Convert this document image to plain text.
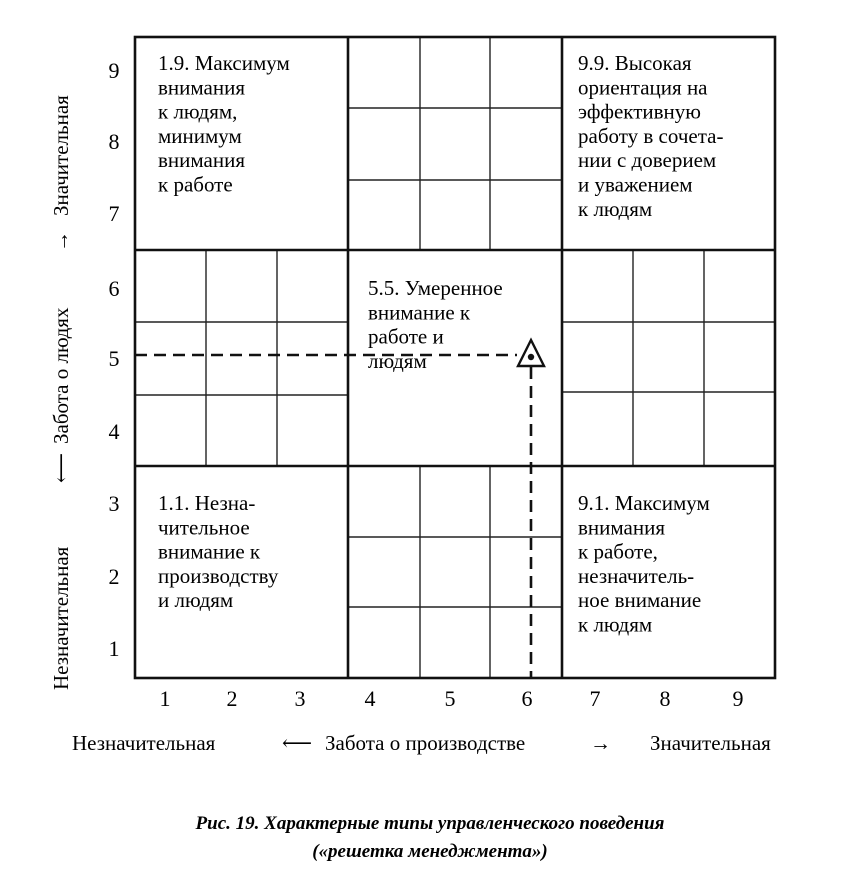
1
2
3
4
5
6
7
8
9
1	2	3	4	5	6	7	8	9
1.9. Максимум внимания к людям, минимум внимания к работе
9.9. Высокая ориентация на эффективную работу в сочета-нии с доверием и уважением к людям
5.5. Умеренное внимание к работе и людям
1.1. Незна-чительное внимание к производству и людям
9.1. Максимум внимания к работе, незначитель-ное внимание к людям
Незначительная	⟵ Забота о производстве	→ Значительная
Незначительная
⟵
Забота о людях
→
Значительная
Рис. 19. Характерные типы управленческого поведения
(«решетка менеджмента»)
